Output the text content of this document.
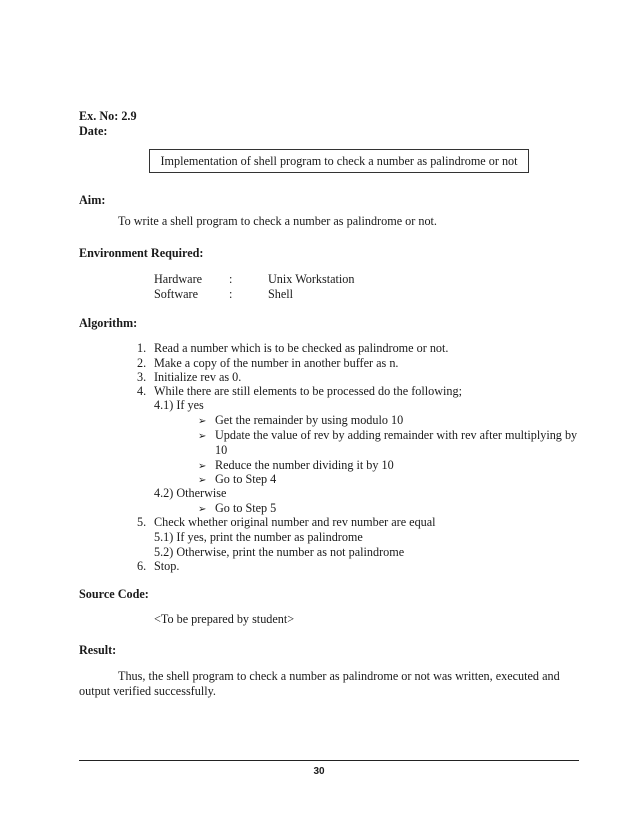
Ex. No: 2.9
Date:
Implementation of shell program to check a number as palindrome or not
Aim:
To write a shell program to check a number as palindrome or not.
Environment Required:
Hardware :	Unix Workstation
Software	:	Shell
Algorithm:
1. Read a number which is to be checked as palindrome or not.
2. Make a copy of the number in another buffer as n.
3. Initialize rev as 0.
4. While there are still elements to be processed do the following;
4.1) If yes
➢ Get the remainder by using modulo 10
➢ Update the value of rev by adding remainder with rev after multiplying by
10
➢ Reduce the number dividing it by 10
➢ Go to Step 4
4.2) Otherwise
➢ Go to Step 5
5. Check whether original number and rev number are equal
5.1) If yes, print the number as palindrome
5.2) Otherwise, print the number as not palindrome
6. Stop.
Source Code:
<To be prepared by student>
Result:
Thus, the shell program to check a number as palindrome or not was written, executed and
output verified successfully.
30
